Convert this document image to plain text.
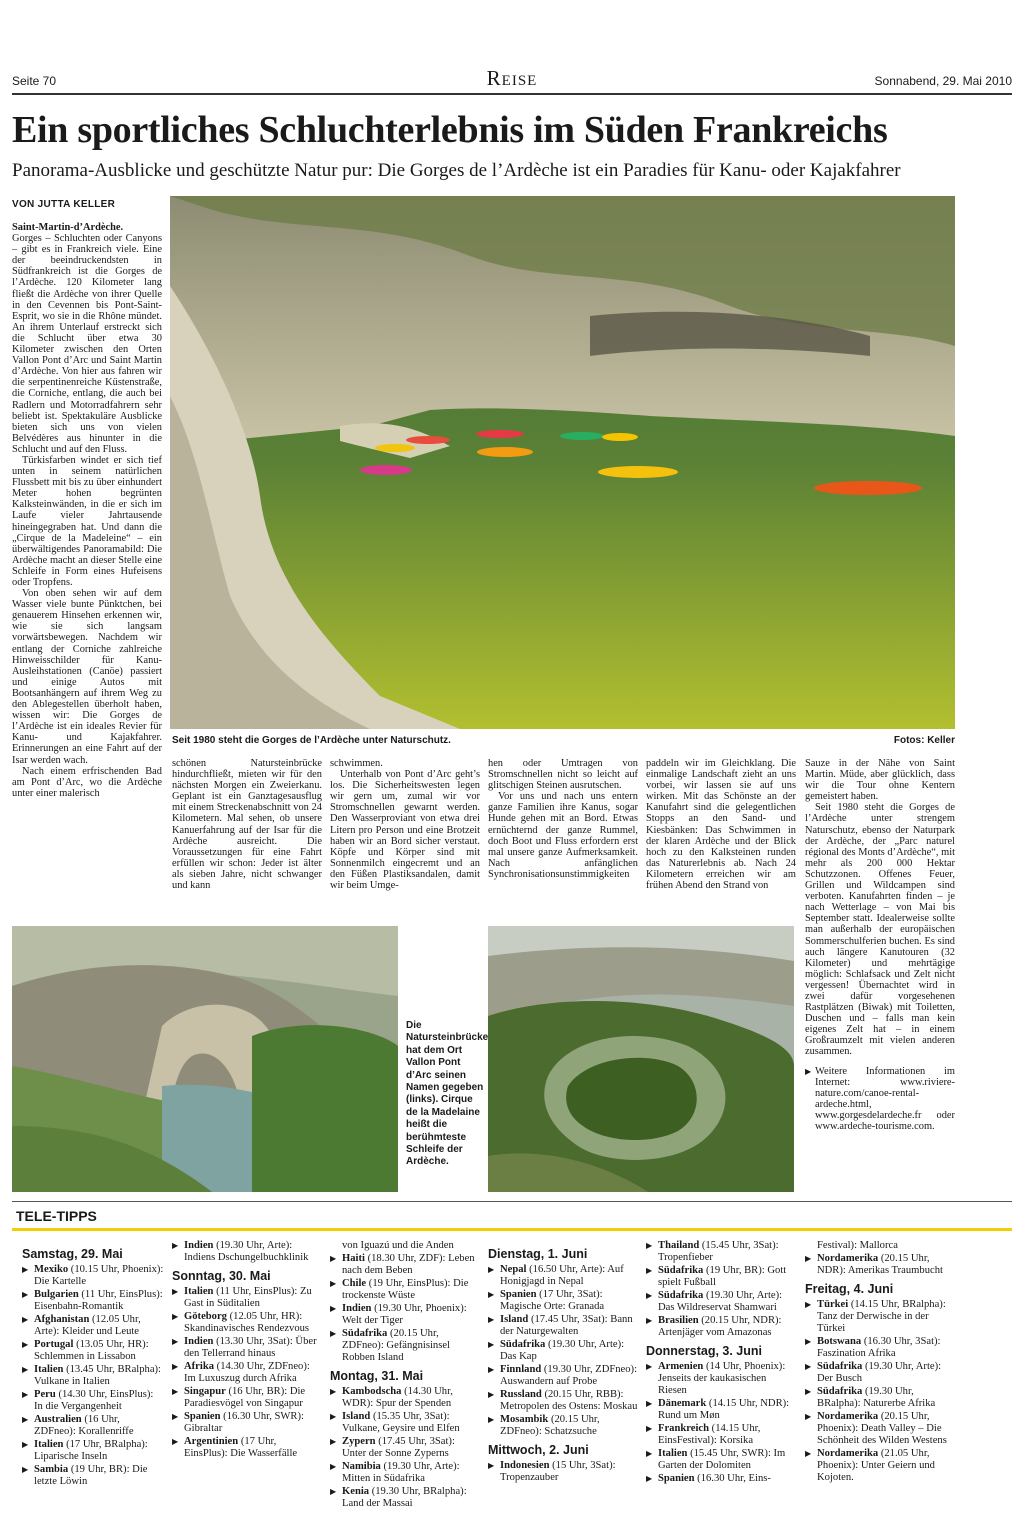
Seite 70	Reise	Sonnabend, 29. Mai 2010
Ein sportliches Schluchterlebnis im Süden Frankreichs
Panorama-Ausblicke und geschützte Natur pur: Die Gorges de l’Ardèche ist ein Paradies für Kanu- oder Kajakfahrer
VON JUTTA KELLER

Saint-Martin-d’Ardèche.

Gorges – Schluchten oder Canyons – gibt es in Frankreich viele. Eine der beeindruckendsten in Südfrankreich ist die Gorges de l’Ardèche. 120 Kilometer lang fließt die Ardèche von ihrer Quelle in den Cevennen bis Pont-Saint-Esprit, wo sie in die Rhône mündet. An ihrem Unterlauf erstreckt sich die Schlucht über etwa 30 Kilometer zwischen den Orten Vallon Pont d’Arc und Saint Martin d’Ardèche. Von hier aus fahren wir die serpentinenreiche Küstenstraße, die Corniche, entlang, die auch bei Radlern und Motorradfahrern sehr beliebt ist. Spektakuläre Ausblicke bieten sich uns von vielen Belvédères aus hinunter in die Schlucht und auf den Fluss.

Türkisfarben windet er sich tief unten in seinem natürlichen Flussbett mit bis zu über einhundert Meter hohen begrünten Kalksteinwänden, in die er sich im Laufe vieler Jahrtausende hineingegraben hat. Und dann die „Cirque de la Madeleine“ – ein überwältigendes Panoramabild: Die Ardèche macht an dieser Stelle eine Schleife in Form eines Hufeisens oder Tropfens.

Von oben sehen wir auf dem Wasser viele bunte Pünktchen, bei genauerem Hinsehen erkennen wir, wie sie sich langsam vorwärtsbewegen. Nachdem wir entlang der Corniche zahlreiche Hinweisschilder für Kanu-Ausleihstationen (Canöe) passiert und einige Autos mit Bootsanhängern auf ihrem Weg zu den Ablegestellen überholt haben, wissen wir: Die Gorges de l’Ardèche ist ein ideales Revier für Kanu- und Kajakfahrer. Erinnerungen an eine Fahrt auf der Isar werden wach.

Nach einem erfrischenden Bad am Pont d’Arc, wo die Ardèche unter einer malerisch

Seit 1980 steht die Gorges de l’Ardèche unter Naturschutz.	Fotos: Keller

schönen Natursteinbrücke hindurchfließt, mieten wir für den nächsten Morgen ein Zweierkanu. Geplant ist ein Ganztagesausflug mit einem Streckenabschnitt von 24 Kilometern. Mal sehen, ob unsere Kanuerfahrung auf der Isar für die Ardèche ausreicht. Die Voraussetzungen für eine Fahrt erfüllen wir schon: Jeder ist älter als sieben Jahre, nicht schwanger und kann

schwimmen.

Unterhalb von Pont d’Arc geht’s los. Die Sicherheitswesten legen wir gern um, zumal wir vor Stromschnellen gewarnt werden. Den Wasserproviant von etwa drei Litern pro Person und eine Brotzeit haben wir an Bord sicher verstaut. Köpfe und Körper sind mit Sonnenmilch eingecremt und an den Füßen Plastiksandalen, damit wir beim Umge-

hen oder Umtragen von Stromschnellen nicht so leicht auf glitschigen Steinen ausrutschen.

Vor uns und nach uns entern ganze Familien ihre Kanus, sogar Hunde gehen mit an Bord. Etwas ernüchternd der ganze Rummel, doch Boot und Fluss erfordern erst mal unsere ganze Aufmerksamkeit. Nach anfänglichen Synchronisationsunstimmigkeiten

paddeln wir im Gleichklang. Die einmalige Landschaft zieht an uns vorbei, wir lassen sie auf uns wirken. Mit das Schönste an der Kanufahrt sind die gelegentlichen Stopps an den Sand- und Kiesbänken: Das Schwimmen in der klaren Ardèche und der Blick hoch zu den Kalksteinen runden das Naturerlebnis ab. Nach 24 Kilometern erreichen wir am frühen Abend den Strand von

Sauze in der Nähe von Saint Martin. Müde, aber glücklich, dass wir die Tour ohne Kentern gemeistert haben.

Seit 1980 steht die Gorges de l’Ardèche unter strengem Naturschutz, ebenso der Naturpark der Ardèche, der „Parc naturel régional des Monts d’Ardèche“, mit mehr als 200 000 Hektar Schutzzonen. Offenes Feuer, Grillen und Wildcampen sind verboten. Kanufahrten finden – je nach Wetterlage – von Mai bis September statt. Idealerweise sollte man außerhalb der europäischen Sommerschulferien buchen. Es sind auch längere Kanutouren (32 Kilometer) und mehrtägige möglich: Schlafsack und Zelt nicht vergessen! Übernachtet wird in zwei dafür vorgesehenen Rastplätzen (Biwak) mit Toiletten, Duschen und – falls man kein eigenes Zelt hat – in einem Großraumzelt mit vielen anderen zusammen.

▶ Weitere Informationen im Internet: www.riviere-nature.com/canoe-rental-ardeche.html, www.gorgesdelardeche.fr oder www.ardeche-tourisme.com.

Die Natursteinbrücke hat dem Ort Vallon Pont d’Arc seinen Namen gegeben (links). Cirque de la Madelaine heißt die berühmteste Schleife der Ardèche.
TELE-TIPPS
Samstag, 29. Mai
▶ Mexiko (10.15 Uhr, Phoenix): Die Kartelle
▶ Bulgarien (11 Uhr, EinsPlus): Eisenbahn-Romantik
▶ Afghanistan (12.05 Uhr, Arte): Kleider und Leute
▶ Portugal (13.05 Uhr, HR): Schlemmen in Lissabon
▶ Italien (13.45 Uhr, BRalpha): Vulkane in Italien
▶ Peru (14.30 Uhr, EinsPlus): In die Vergangenheit
▶ Australien (16 Uhr, ZDFneo): Korallenriffe
▶ Italien (17 Uhr, BRalpha): Liparische Inseln
▶ Sambia (19 Uhr, BR): Die letzte Löwin
▶ Indien (19.30 Uhr, Arte): Indiens Dschungelbuchklinik
Sonntag, 30. Mai
▶ Italien (11 Uhr, EinsPlus): Zu Gast in Süditalien
▶ Göteborg (12.05 Uhr, HR): Skandinavisches Rendezvous
▶ Indien (13.30 Uhr, 3Sat): Über den Tellerrand hinaus
▶ Afrika (14.30 Uhr, ZDFneo): Im Luxuszug durch Afrika
▶ Singapur (16 Uhr, BR): Die Paradiesvögel von Singapur
▶ Spanien (16.30 Uhr, SWR): Gibraltar
▶ Argentinien (17 Uhr, EinsPlus): Die Wasserfälle
von Iguazú und die Anden
▶ Haiti (18.30 Uhr, ZDF): Leben nach dem Beben
▶ Chile (19 Uhr, EinsPlus): Die trockenste Wüste
▶ Indien (19.30 Uhr, Phoenix): Welt der Tiger
▶ Südafrika (20.15 Uhr, ZDFneo): Gefängnisinsel Robben Island
Montag, 31. Mai
▶ Kambodscha (14.30 Uhr, WDR): Spur der Spenden
▶ Island (15.35 Uhr, 3Sat): Vulkane, Geysire und Elfen
▶ Zypern (17.45 Uhr, 3Sat): Unter der Sonne Zyperns
▶ Namibia (19.30 Uhr, Arte): Mitten in Südafrika
▶ Kenia (19.30 Uhr, BRalpha): Land der Massai
Dienstag, 1. Juni
▶ Nepal (16.50 Uhr, Arte): Auf Honigjagd in Nepal
▶ Spanien (17 Uhr, 3Sat): Magische Orte: Granada
▶ Island (17.45 Uhr, 3Sat): Bann der Naturgewalten
▶ Südafrika (19.30 Uhr, Arte): Das Kap
▶ Finnland (19.30 Uhr, ZDFneo): Auswandern auf Probe
▶ Russland (20.15 Uhr, RBB): Metropolen des Ostens: Moskau
▶ Mosambik (20.15 Uhr, ZDFneo): Schatzsuche
Mittwoch, 2. Juni
▶ Indonesien (15 Uhr, 3Sat): Tropenzauber
▶ Thailand (15.45 Uhr, 3Sat): Tropenfieber
▶ Südafrika (19 Uhr, BR): Gott spielt Fußball
▶ Südafrika (19.30 Uhr, Arte): Das Wildreservat Shamwari
▶ Brasilien (20.15 Uhr, NDR): Artenjäger vom Amazonas
Donnerstag, 3. Juni
▶ Armenien (14 Uhr, Phoenix): Jenseits der kaukasischen Riesen
▶ Dänemark (14.15 Uhr, NDR): Rund um Møn
▶ Frankreich (14.15 Uhr, EinsFestival): Korsika
▶ Italien (15.45 Uhr, SWR): Im Garten der Dolomiten
▶ Spanien (16.30 Uhr, Eins-
Festival): Mallorca
▶ Nordamerika (20.15 Uhr, NDR): Amerikas Traumbucht
Freitag, 4. Juni
▶ Türkei (14.15 Uhr, BRalpha): Tanz der Derwische in der Türkei
▶ Botswana (16.30 Uhr, 3Sat): Faszination Afrika
▶ Südafrika (19.30 Uhr, Arte): Der Busch
▶ Südafrika (19.30 Uhr, BRalpha): Naturerbe Afrika
▶ Nordamerika (20.15 Uhr, Phoenix): Death Valley – Die Schönheit des Wilden Westens
▶ Nordamerika (21.05 Uhr, Phoenix): Unter Geiern und Kojoten.
